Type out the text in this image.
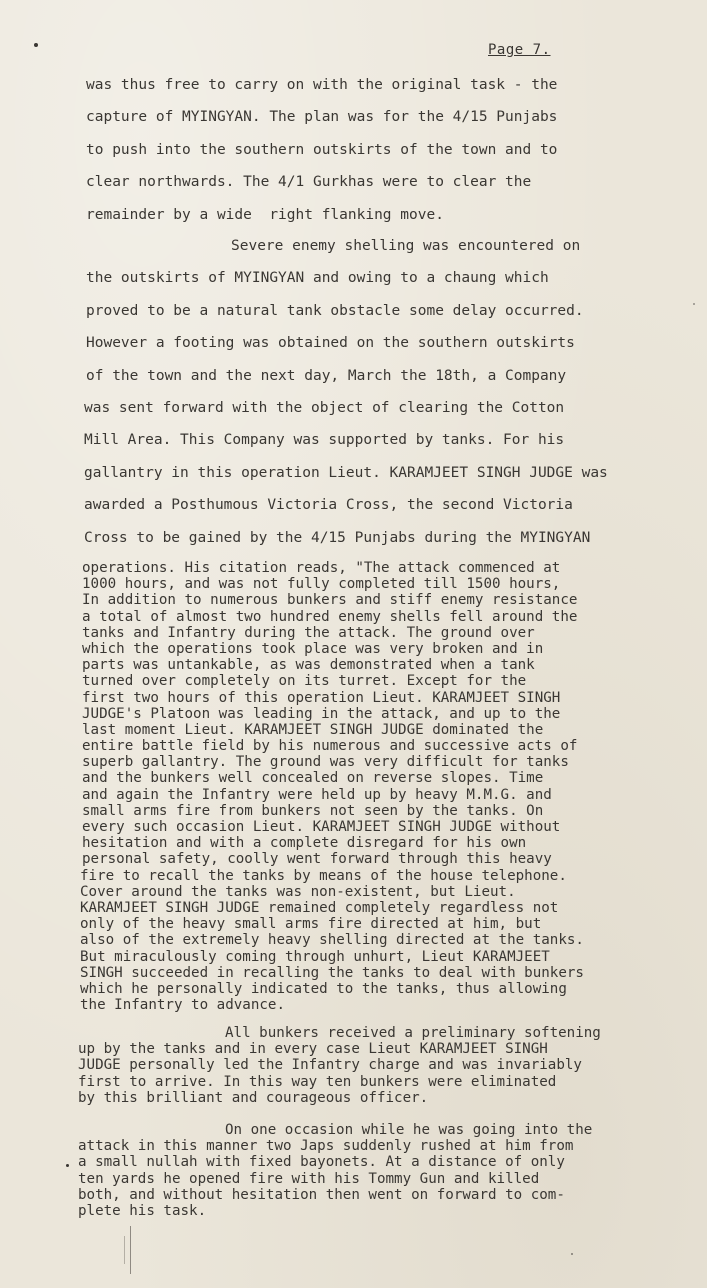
Page 7.
was thus free to carry on with the original task - the
capture of MYINGYAN. The plan was for the 4/15 Punjabs
to push into the southern outskirts of the town and to
clear northwards. The 4/1 Gurkhas were to clear the
remainder by a wide  right flanking move.
Severe enemy shelling was encountered on
the outskirts of MYINGYAN and owing to a chaung which
proved to be a natural tank obstacle some delay occurred.
However a footing was obtained on the southern outskirts
of the town and the next day, March the 18th, a Company
was sent forward with the object of clearing the Cotton
Mill Area. This Company was supported by tanks. For his
gallantry in this operation Lieut. KARAMJEET SINGH JUDGE was
awarded a Posthumous Victoria Cross, the second Victoria
Cross to be gained by the 4/15 Punjabs during the MYINGYAN
operations. His citation reads, "The attack commenced at
1000 hours, and was not fully completed till 1500 hours,
In addition to numerous bunkers and stiff enemy resistance
a total of almost two hundred enemy shells fell around the
tanks and Infantry during the attack. The ground over
which the operations took place was very broken and in
parts was untankable, as was demonstrated when a tank
turned over completely on its turret. Except for the
first two hours of this operation Lieut. KARAMJEET SINGH
JUDGE's Platoon was leading in the attack, and up to the
last moment Lieut. KARAMJEET SINGH JUDGE dominated the
entire battle field by his numerous and successive acts of
superb gallantry. The ground was very difficult for tanks
and the bunkers well concealed on reverse slopes. Time
and again the Infantry were held up by heavy M.M.G. and
small arms fire from bunkers not seen by the tanks. On
every such occasion Lieut. KARAMJEET SINGH JUDGE without
hesitation and with a complete disregard for his own
personal safety, coolly went forward through this heavy
fire to recall the tanks by means of the house telephone.
Cover around the tanks was non-existent, but Lieut.
KARAMJEET SINGH JUDGE remained completely regardless not
only of the heavy small arms fire directed at him, but
also of the extremely heavy shelling directed at the tanks.
But miraculously coming through unhurt, Lieut KARAMJEET
SINGH succeeded in recalling the tanks to deal with bunkers
which he personally indicated to the tanks, thus allowing
the Infantry to advance.
All bunkers received a preliminary softening
up by the tanks and in every case Lieut KARAMJEET SINGH
JUDGE personally led the Infantry charge and was invariably
first to arrive. In this way ten bunkers were eliminated
by this brilliant and courageous officer.
On one occasion while he was going into the
attack in this manner two Japs suddenly rushed at him from
a small nullah with fixed bayonets. At a distance of only
ten yards he opened fire with his Tommy Gun and killed
both, and without hesitation then went on forward to com-
plete his task.
